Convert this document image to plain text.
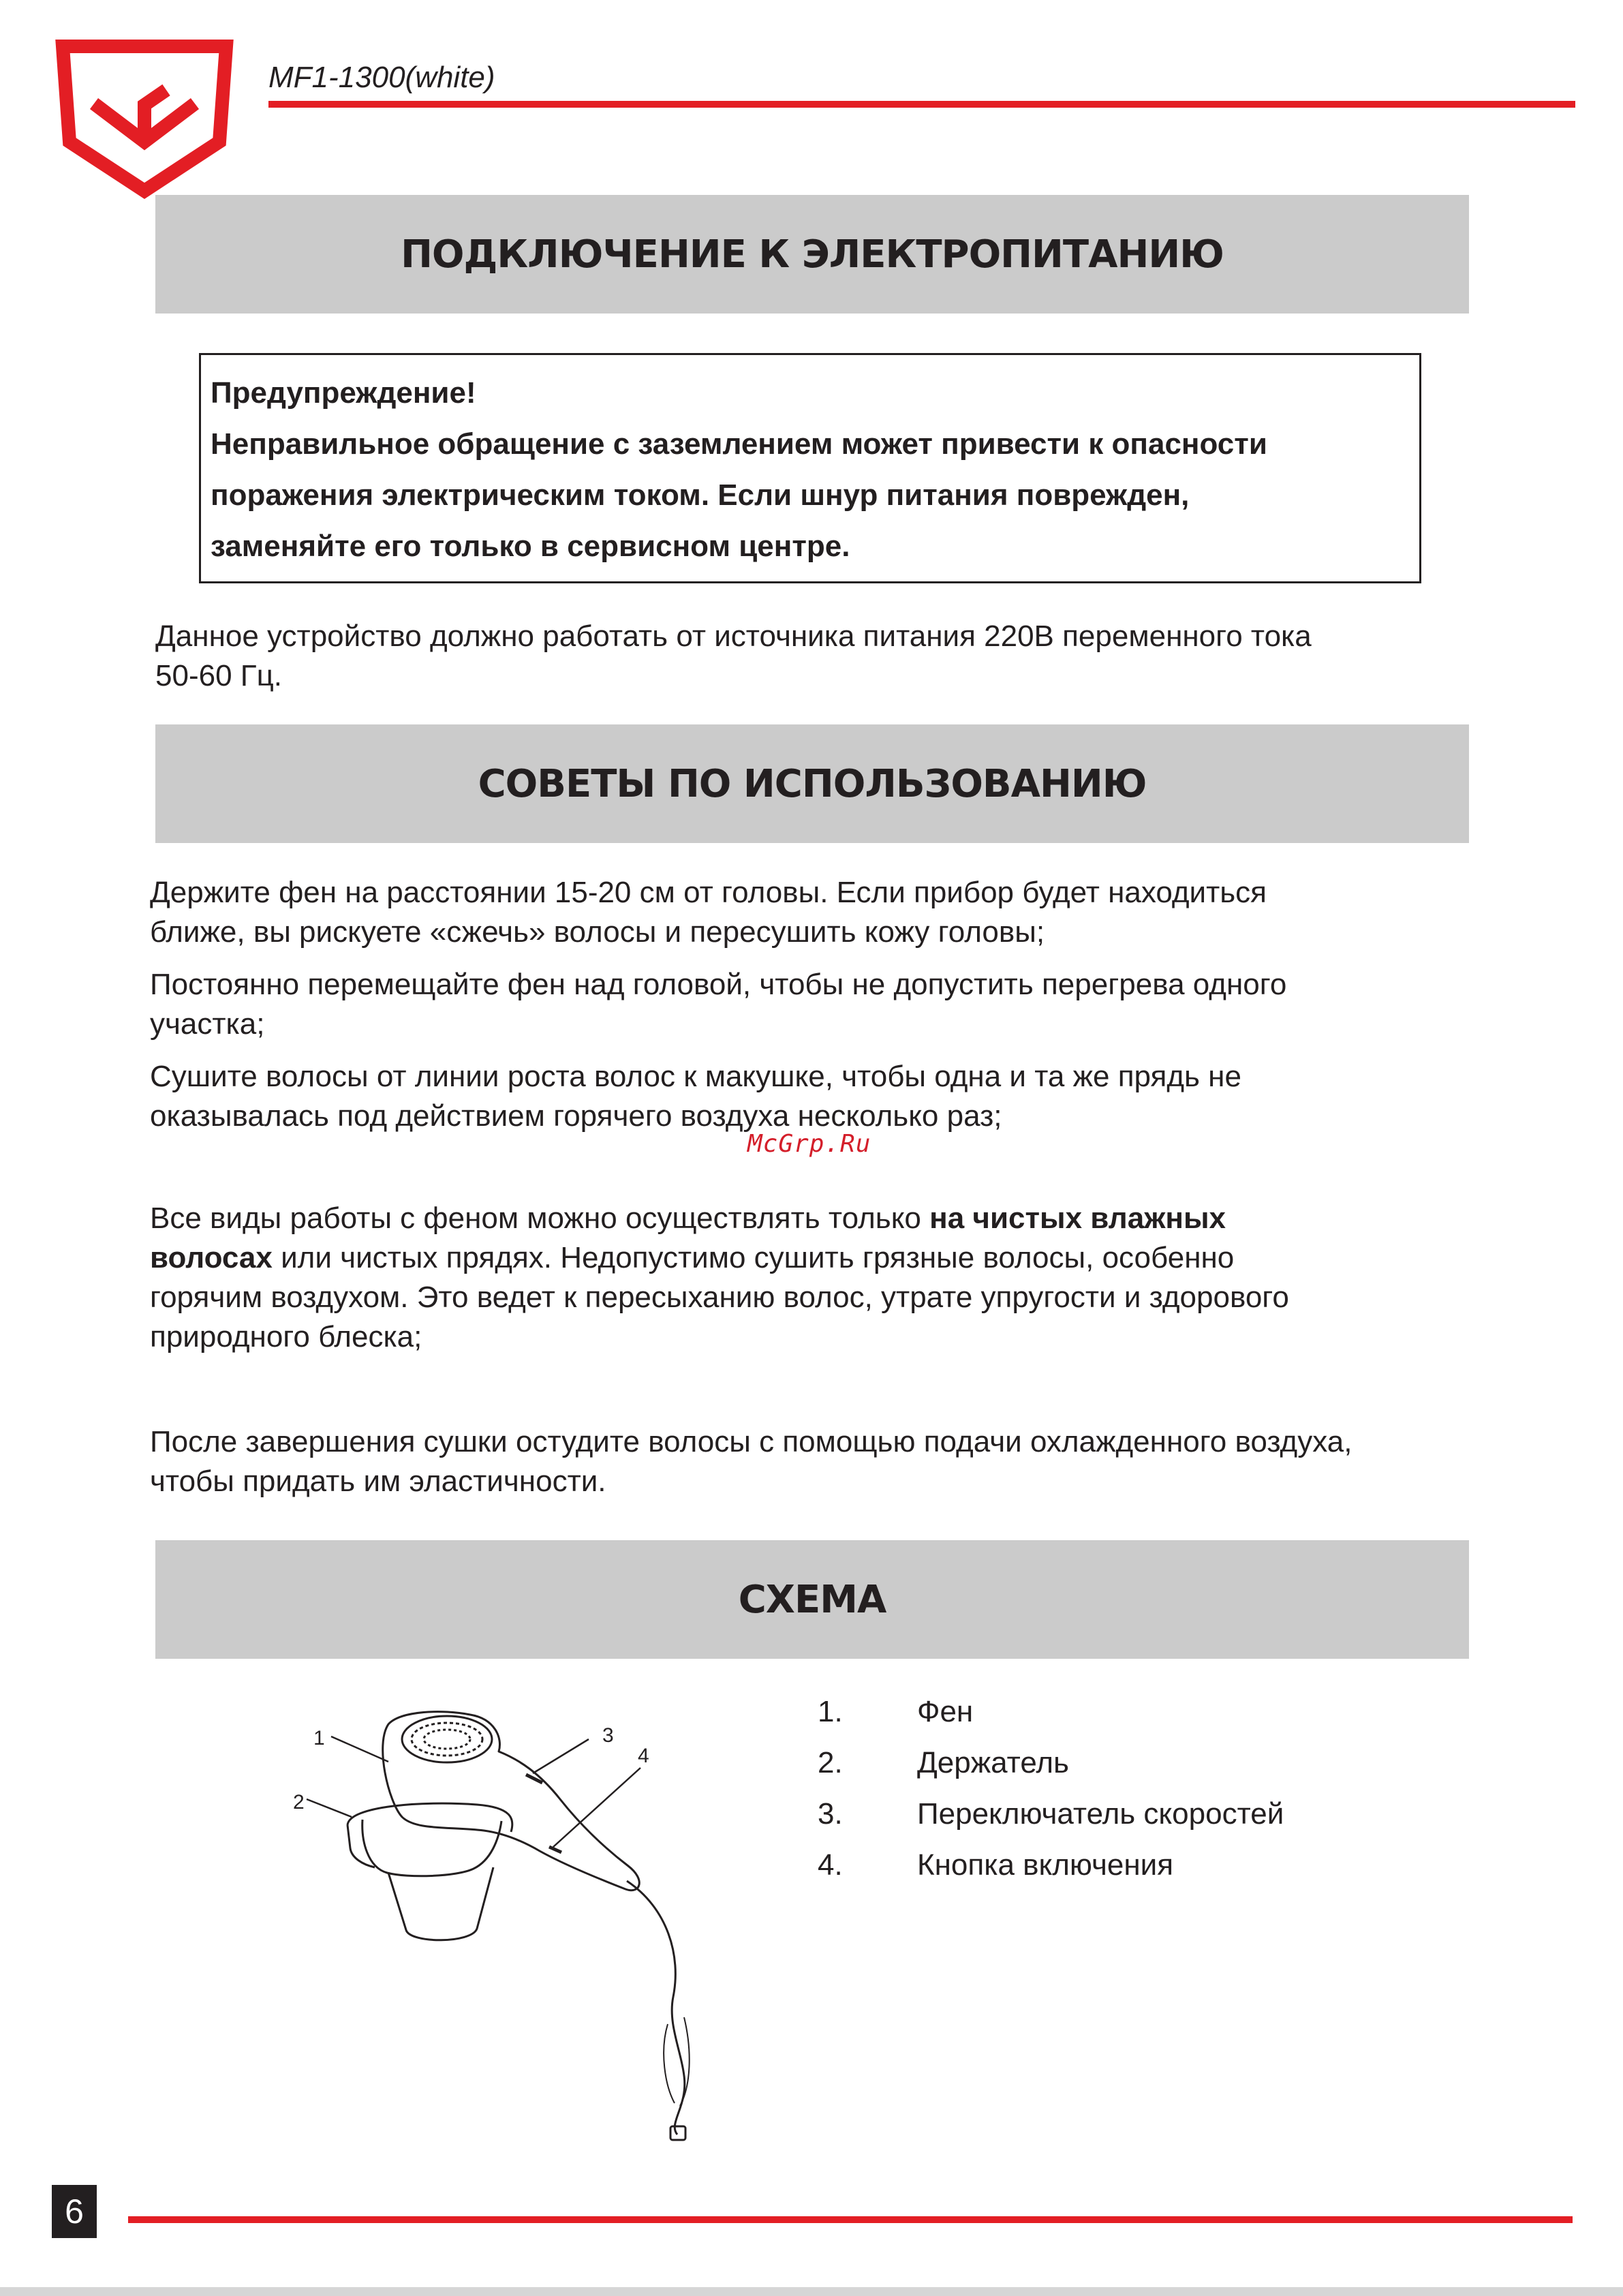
MF1-1300(white)
ПОДКЛЮЧЕНИЕ К ЭЛЕКТРОПИТАНИЮ

Предупреждение!

Неправильное обращение с заземлением может привести к опасности

поражения электрическим током. Если шнур питания поврежден,

заменяйте его только в сервисном центре.

Данное устройство должно работать от источника питания 220В переменного тока
50-60 Гц.

СОВЕТЫ ПО ИСПОЛЬЗОВАНИЮ

Держите фен на расстоянии 15-20 см от головы. Если прибор будет находиться
ближе, вы рискуете «сжечь» волосы и пересушить кожу головы;

Постоянно перемещайте фен над головой, чтобы не допустить перегрева одного
участка;

Сушите волосы от линии роста волос к макушке, чтобы одна и та же прядь не
оказывалась под действием горячего воздуха несколько раз;

McGrp.Ru

Все виды работы с феном можно осуществлять только на чистых влажных
волосах или чистых прядях. Недопустимо сушить грязные волосы, особенно
горячим воздухом. Это ведет к пересыханию волос, утрате упругости и здорового
природного блеска;

После завершения сушки остудите волосы с помощью подачи охлажденного воздуха,
чтобы придать им эластичности.

СХЕМА
1
2
3
4
1.	Фен
2.	Держатель
3.	Переключатель скоростей
4.	Кнопка включения
6
